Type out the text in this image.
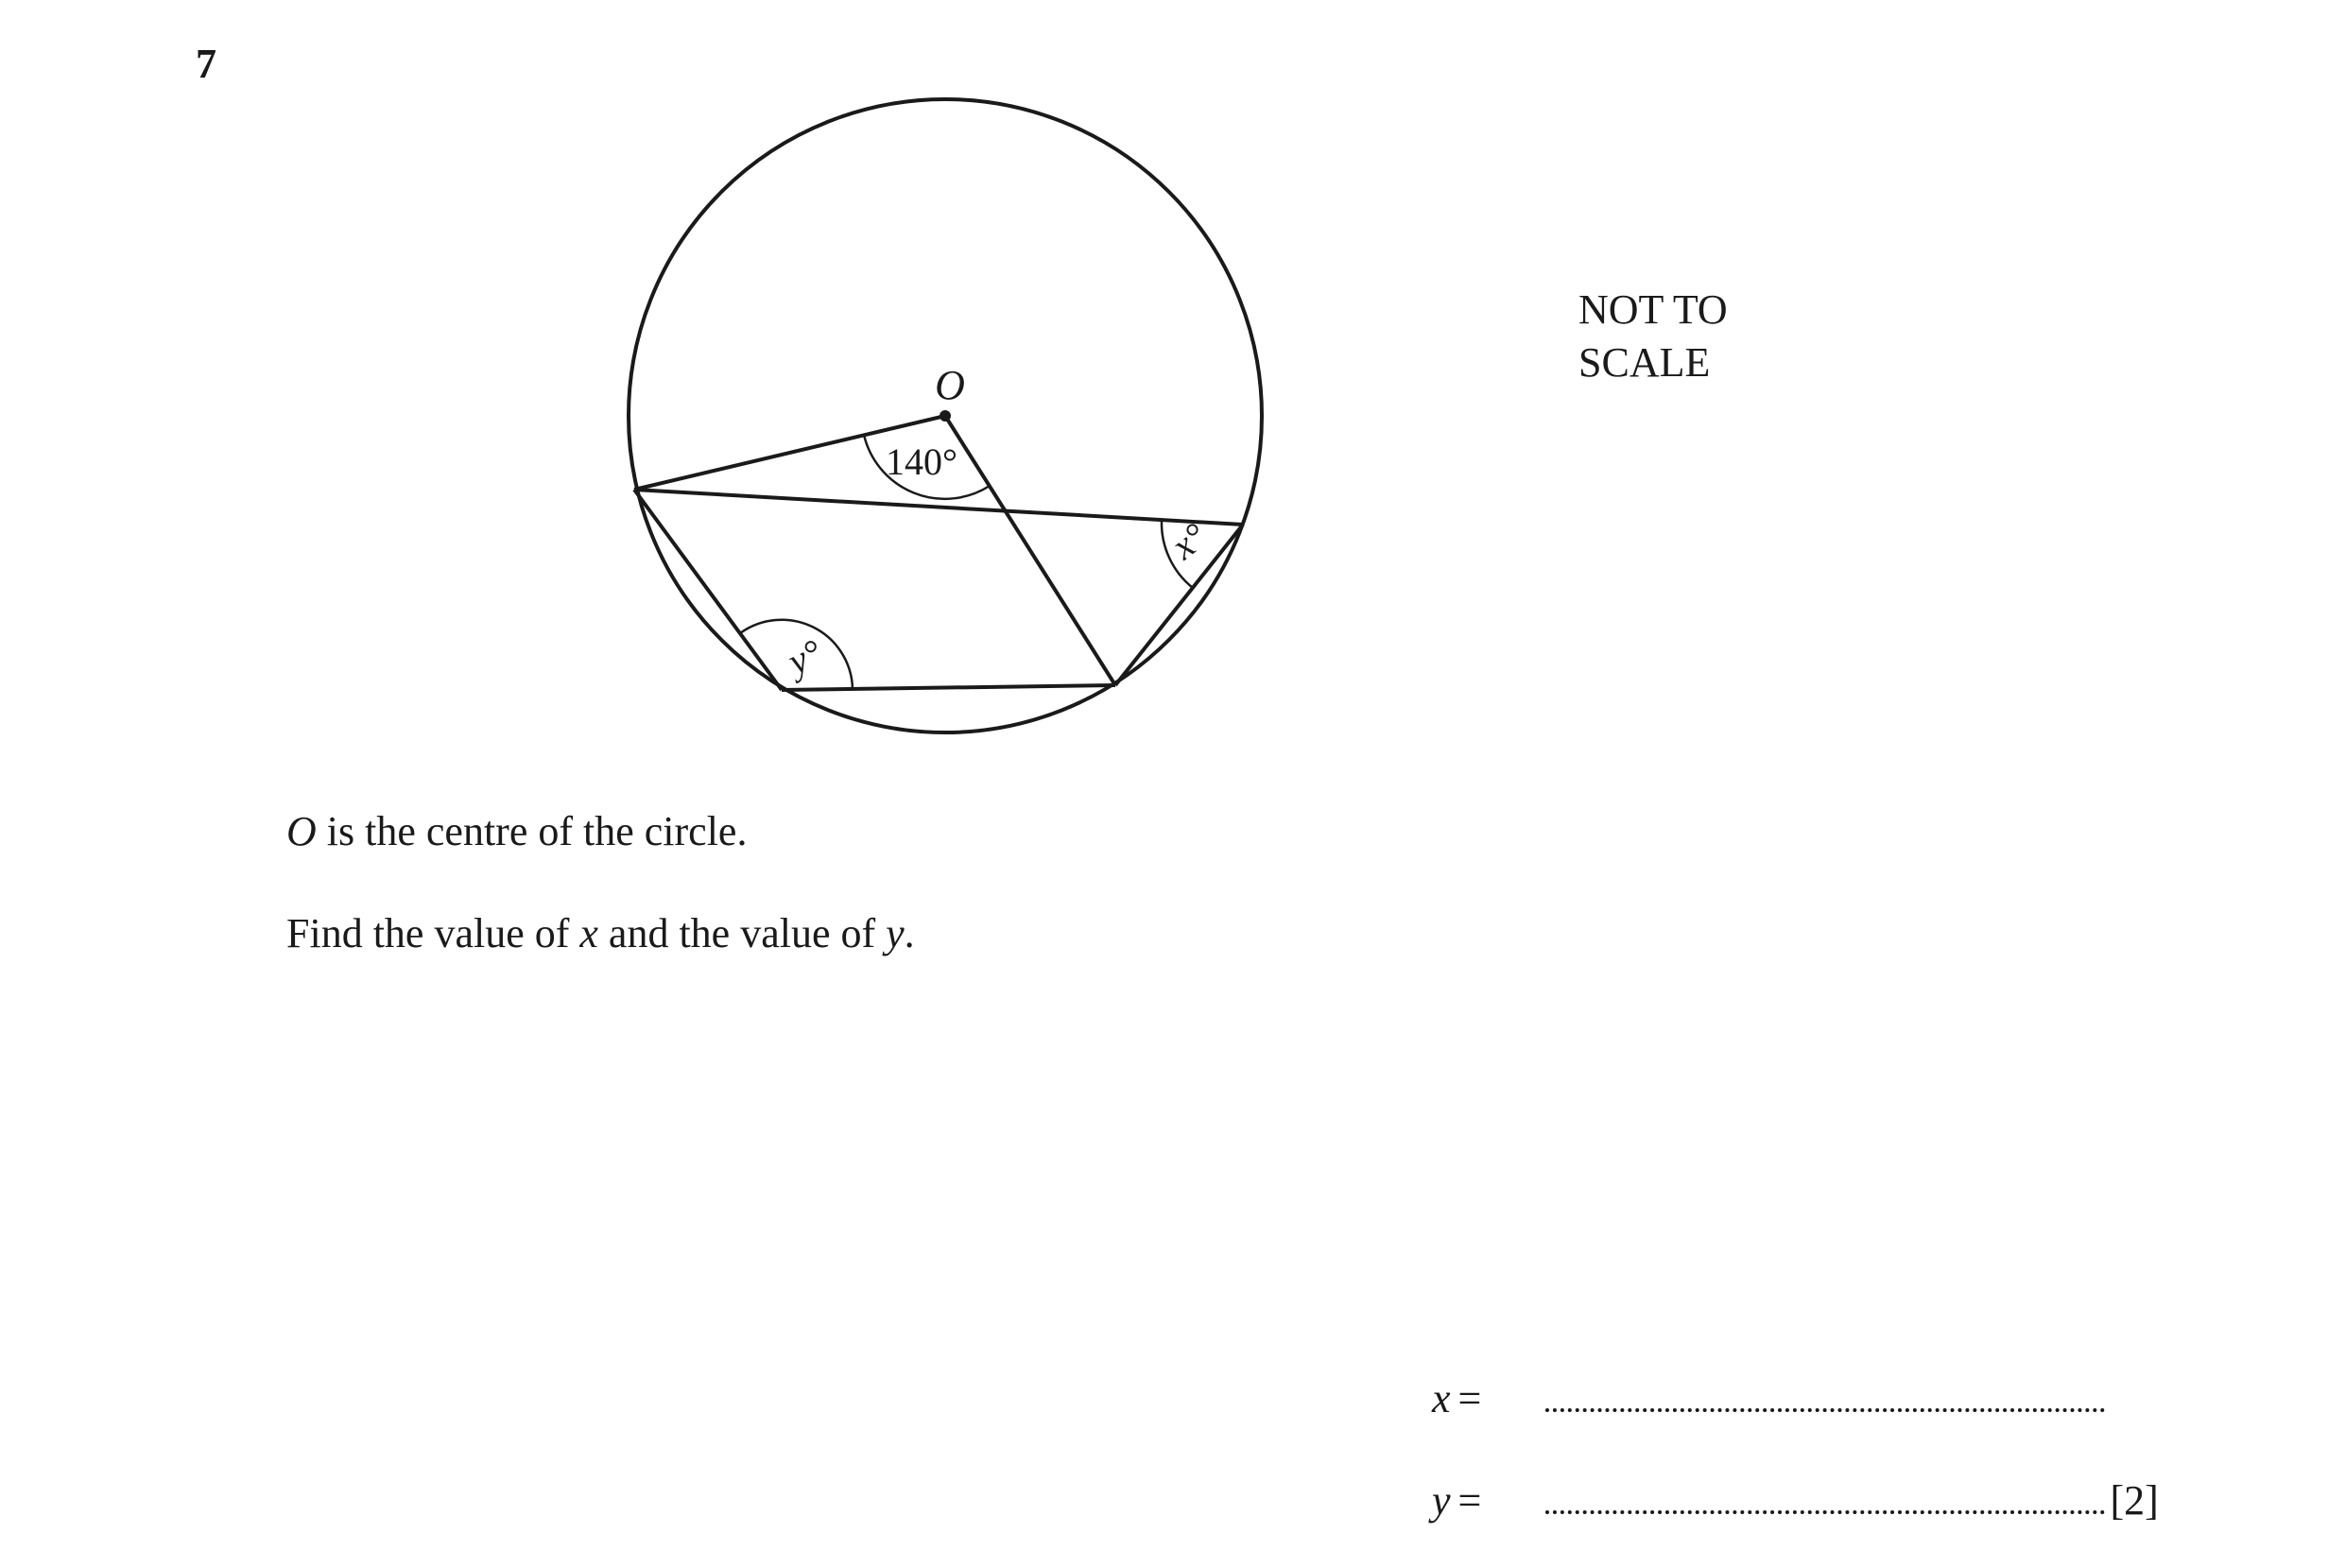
7
O
140°
x°
y°
NOT TO
SCALE
O is the centre of the circle.
Find the value of x and the value of y.
x =
y =	[2]
